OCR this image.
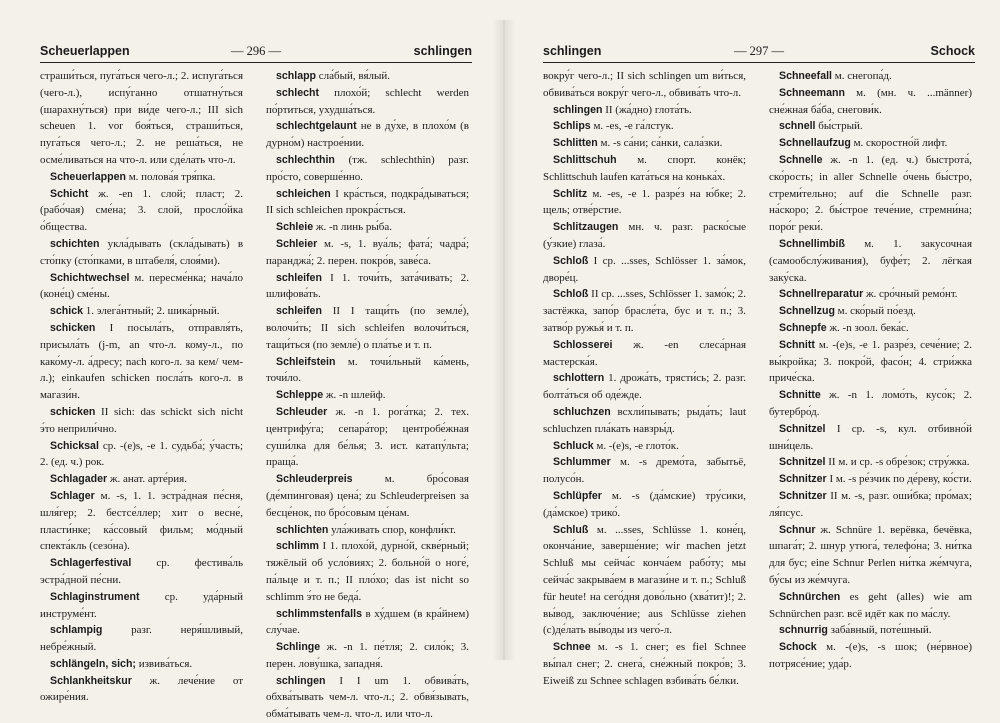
Scheuerlappen	— 296 —	schlingen

страши́ться, пуга́ться чего-л.; 2. испуга́ться (чего-л.), испу́ганно отшатну́ться (шарахну́ться) при ви́де чего-л.; III sich scheuen 1. vor боя́ться, страши́ться, пуга́ться чего-л.; 2. не реша́ться, не осме́ливаться на что-л. или сде́лать что-л.

Scheuerlappen м. полова́я тря́пка.

Schicht ж. -en 1. слой; пласт; 2. (рабо́чая) сме́на; 3. слой, просло́йка о́бщества.

schichten укла́дывать (скла́дывать) в сто́пку (сто́пками, в штабеля́, слоя́ми).

Schichtwechsel м. пересме́нка; нача́ло (коне́ц) сме́ны.

schick 1. элега́нтный; 2. шика́рный.

schicken I посыла́ть, отправля́ть, присыла́ть (j-m, an что-л. кому-л., по како́му-л. а́дресу; nach кого-л. за кем/ чем-л.); einkaufen schicken посла́ть кого-л. в магази́н.

schicken II sich: das schickt sich nicht э́то неприли́чно.

Schicksal ср. -(e)s, -e 1. судьба́; у́часть; 2. (ед. ч.) рок.

Schlagader ж. анат. арте́рия.

Schlager м. -s, 1. 1. эстра́дная пе́сня, шля́гер; 2. бестсе́ллер; хит о весне́, пласти́нке; ка́ссовый фильм; мо́дный спекта́кль (сезо́на).

Schlagerfestival ср. фестива́ль эстра́дной пе́сни.

Schlaginstrument ср. уда́рный инструме́нт.

schlampig	разг. неря́шливый, небре́жный.

schlängeln, sich; извива́ться.

Schlankheitskur ж. лече́ние от ожире́ния.

schlapp сла́бый, вя́лый.

schlecht плохо́й; schlecht werden по́ртиться, ухудша́ться.

schlechtgelaunt не в ду́хе, в плохо́м (в дурно́м) настрое́нии.

schlechthin (тж. schlechthin) разг. про́сто, соверше́нно.

schleichen I кра́сться, подкра́дываться; II sich schleichen прокра́сться.

Schleie ж. -n линь ры́ба.

Schleier м. -s, 1. вуа́ль; фата́; чадра́; паранджа́; 2. перен. покро́в, заве́са.

schleifen I 1. точи́ть, зата́чивать; 2. шлифова́ть.

schleifen II I тащи́ть (по земле́), волочи́ть; II sich schleifen волочи́ться, тащи́ться (по земле́) о пла́тье и т. п.

Schleifstein м. точи́льный ка́мень, точи́ло.

Schleppe ж. -n шлейф.

Schleuder ж. -n 1. рога́тка; 2. тех. центрифу́га; сепара́тор; центробе́жная суши́лка для бе́лья; 3. ист. катапу́льта; праща́.

Schleuderpreis	м. бро́совая (де́мпинговая) цена́; zu Schleuderpreisen за бесце́нок, по бро́совым це́нам.

schlichten ула́живать спор, конфли́кт.

schlimm I 1. плохо́й, дурно́й, скве́рный; тяжёлый об усло́виях; 2. больно́й о ноге́, па́льце и т. п.; II пло́хо; das ist nicht so schlimm э́то не беда́.

schlimmstenfalls в ху́дшем (в кра́йнем) слу́чае.

Schlinge ж. -n 1. пе́тля; 2. сило́к; 3. перен. лову́шка, западня́.

schlingen I I um 1. обвива́ть, обхва́тывать чем-л. что-л.; 2. обвя́зывать, обма́тывать чем-л. что-л. или что-л.

schlingen	— 297 —	Schock

вокру́г чего-л.; II sich schlingen um ви́ться, обвива́ться вокру́г чего-л., обвива́ть что-л.

schlingen II (жа́дно) глота́ть.

Schlips м. -es, -e га́лстук.

Schlitten м. -s са́ни; са́нки, сала́зки.

Schlittschuh м. спорт. конёк; Schlittschuh laufen ката́ться на конька́х.

Schlitz м. -es, -e 1. разре́з на ю́бке; 2. щель; отве́рстие.

Schlitzaugen мн. ч. разг. раско́сые (у́зкие) глаза́.

Schloß I ср. ...sses, Schlösser 1. за́мок, дворе́ц.

Schloß II ср. ...sses, Schlösser 1. замо́к; 2. застёжка, запо́р брасле́та, бус и т. п.; 3. затво́р ружья́ и т. п.

Schlosserei ж. -en слеса́рная мастерска́я.

schlottern 1. дрожа́ть, трясти́сь; 2. разг. болта́ться об оде́жде.

schluchzen всхли́пывать; рыда́ть; laut schluchzen пла́кать навзры́д.

Schluck м. -(e)s, -e глото́к.

Schlummer м. -s дремо́та, забытьё, полусо́н.

Schlüpfer м. -s (да́мские) тру́сики, (да́мское) трико́.

Schluß м. ...sses, Schlüsse 1. коне́ц, оконча́ние, заверше́ние; wir machen jetzt Schluß мы сейча́с конча́ем рабо́ту; мы сейча́с закрыва́ем в магази́не и т. п.; Schluß für heute! на сего́дня дово́льно (хва́тит)!; 2. вы́вод, заключе́ние; aus Schlüsse ziehen (с)де́лать вы́воды из чего́-л.

Schnee м. -s 1. снег; es fiel Schnee вы́пал снег; 2. снега́, сне́жный покро́в; 3. Eiweiß zu Schnee schlagen взбива́ть бе́лки.

Schneefall м. снегопа́д.

Schneemann м. (мн. ч. ...männer) сне́жная ба́ба, снегови́к.

schnell бы́стрый.

Schnellaufzug м. скоростно́й лифт.

Schnelle ж. -n 1. (ед. ч.) быстрота́, ско́рость; in aller Schnelle о́чень бы́стро, стреми́тельно; auf die Schnelle разг. на́скоро; 2. бы́строе тече́ние, стремни́на; поро́г реки́.

Schnellimbiß м. 1. закусочная (самообслу́живания), буфе́т; 2. лёгкая заку́ска.

Schnellreparatur ж. сро́чный ремо́нт.

Schnellzug м. ско́рый по́езд.

Schnepfe ж. -n зоол. бека́с.

Schnitt м. -(e)s, -e 1. разре́з, сече́ние; 2. вы́кройка; 3. покро́й, фасо́н; 4. стри́жка приче́ска.

Schnitte ж. -n 1. ломо́ть, кусо́к; 2. бутербро́д.

Schnitzel I ср. -s, кул. отбивно́й шни́цель.

Schnitzel II м. и ср. -s обре́зок; стру́жка.

Schnitzer I м. -s ре́зчик по де́реву, ко́сти.

Schnitzer II м. -s, разг. оши́бка; про́мах; ля́псус.

Schnur ж. Schnüre 1. верёвка, бечёвка, шпага́т; 2. шнур утюга́, телефо́на; 3. ни́тка для бус; eine Schnur Perlen ни́тка же́мчуга, бу́сы из же́мчуга.

Schnürchen es geht (alles) wie am Schnürchen разг. всё идёт как по ма́слу.

schnurrig заба́вный, поте́шный.

Schock м. -(e)s, -s шок; (не́рвное) потрясе́ние; уда́р.
